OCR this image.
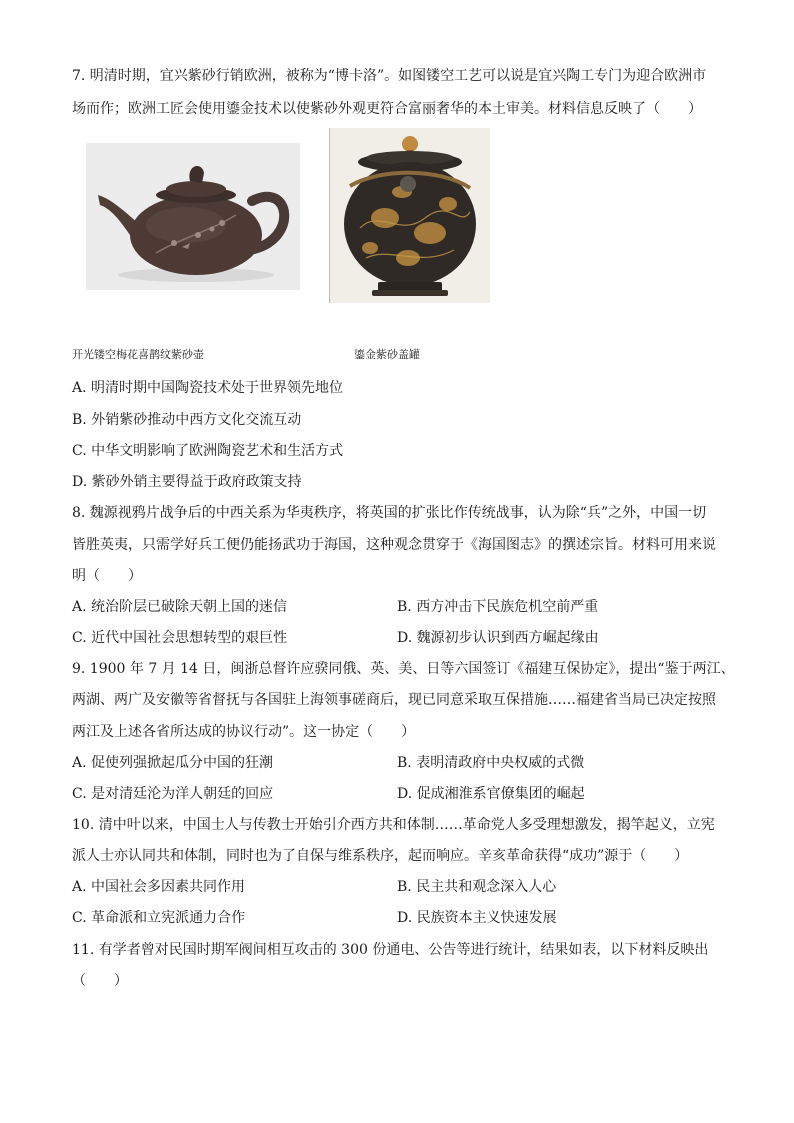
7. 明清时期，宜兴紫砂行销欧洲，被称为“博卡洛”。如图镂空工艺可以说是宜兴陶工专门为迎合欧洲市
场而作；欧洲工匠会使用鎏金技术以使紫砂外观更符合富丽奢华的本土审美。材料信息反映了（　　）
开光镂空梅花喜鹊纹紫砂壶	鎏金紫砂盖罐
A. 明清时期中国陶瓷技术处于世界领先地位
B. 外销紫砂推动中西方文化交流互动
C. 中华文明影响了欧洲陶瓷艺术和生活方式
D. 紫砂外销主要得益于政府政策支持
8. 魏源视鸦片战争后的中西关系为华夷秩序，将英国的扩张比作传统战事，认为除“兵”之外，中国一切
皆胜英夷，只需学好兵工便仍能扬武功于海国，这种观念贯穿于《海国图志》的撰述宗旨。材料可用来说
明（　　）
A. 统治阶层已破除天朝上国的迷信	B. 西方冲击下民族危机空前严重
C. 近代中国社会思想转型的艰巨性	D. 魏源初步认识到西方崛起缘由
9. 1900 年 7 月 14 日，闽浙总督许应骙同俄、英、美、日等六国签订《福建互保协定》，提出“鉴于两江、
两湖、两广及安徽等省督抚与各国驻上海领事磋商后，现已同意采取互保措施……福建省当局已决定按照
两江及上述各省所达成的协议行动”。这一协定（　　）
A. 促使列强掀起瓜分中国的狂潮	B. 表明清政府中央权威的式微
C. 是对清廷沦为洋人朝廷的回应	D. 促成湘淮系官僚集团的崛起
10. 清中叶以来，中国士人与传教士开始引介西方共和体制……革命党人多受理想激发，揭竿起义，立宪
派人士亦认同共和体制，同时也为了自保与维系秩序，起而响应。辛亥革命获得“成功”源于（　　）
A. 中国社会多因素共同作用	B. 民主共和观念深入人心
C. 革命派和立宪派通力合作	D. 民族资本主义快速发展
11. 有学者曾对民国时期军阀间相互攻击的 300 份通电、公告等进行统计，结果如表，以下材料反映出
（　　）
